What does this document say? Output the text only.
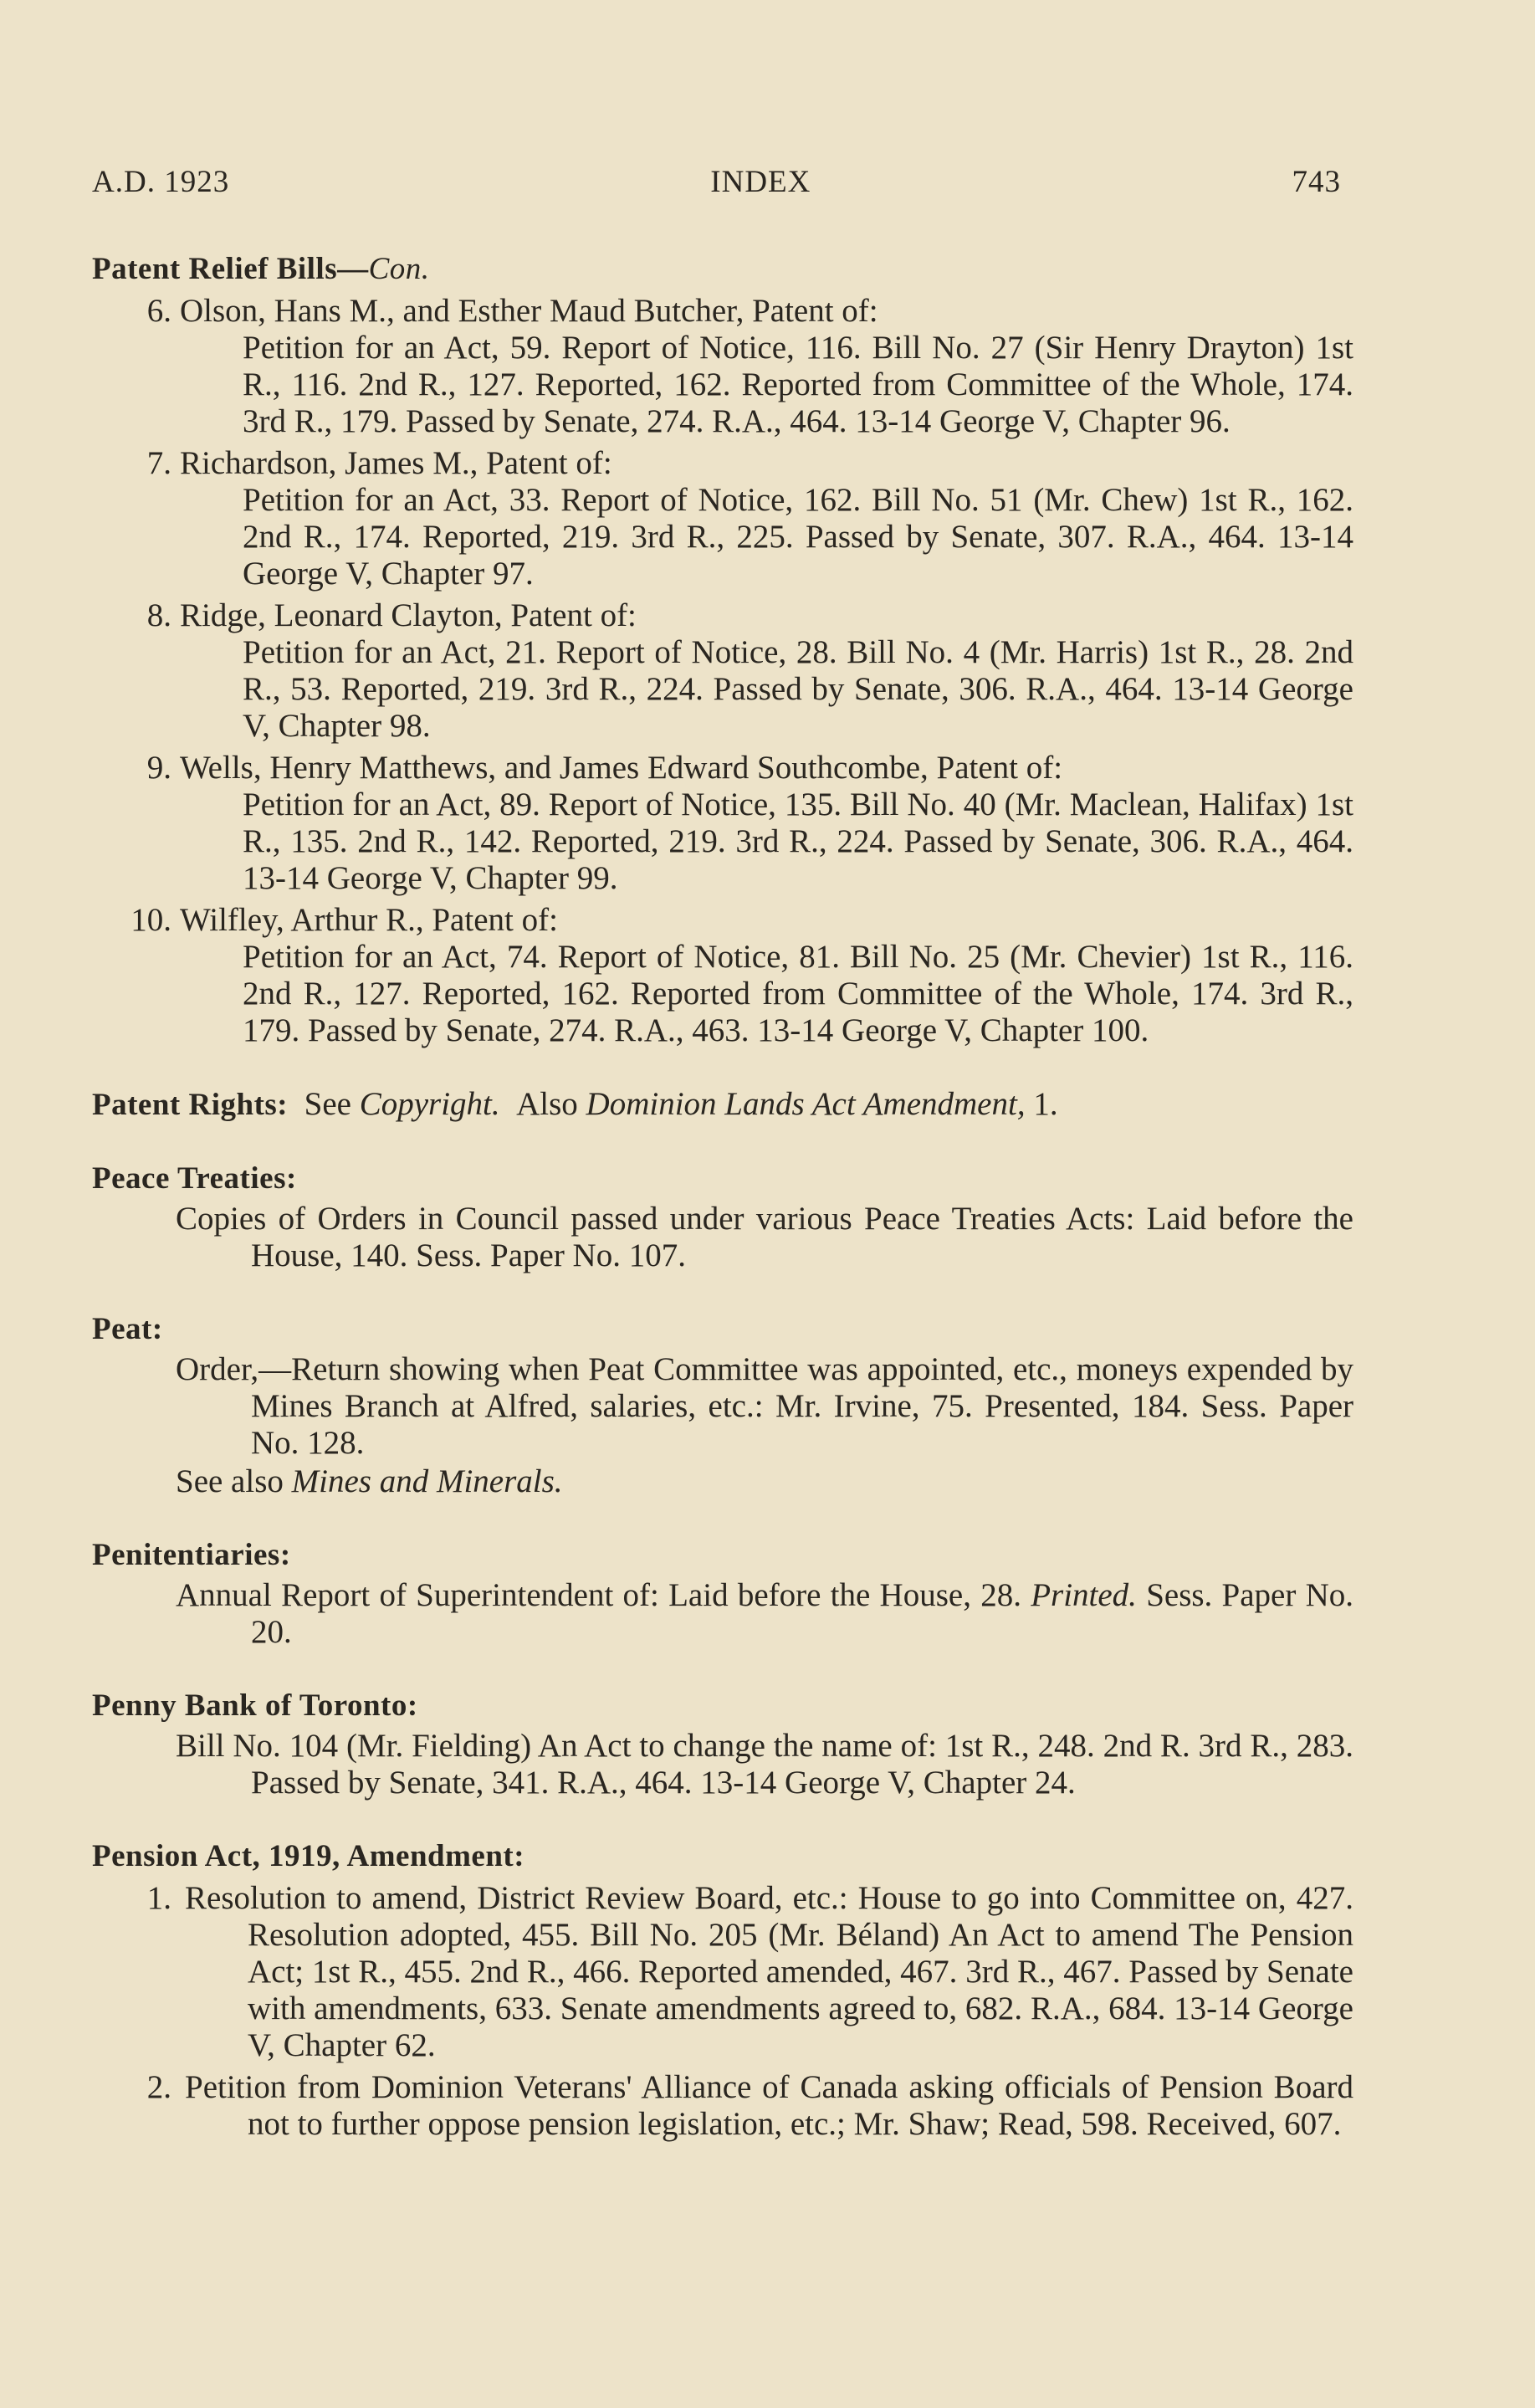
A.D. 1923	INDEX	743

Patent Relief Bills—Con.

6. Olson, Hans M., and Esther Maud Butcher, Patent of:
Petition for an Act, 59. Report of Notice, 116. Bill No. 27 (Sir Henry Drayton) 1st R., 116. 2nd R., 127. Reported, 162. Reported from Committee of the Whole, 174. 3rd R., 179. Passed by Senate, 274. R.A., 464. 13-14 George V, Chapter 96.

7. Richardson, James M., Patent of:
Petition for an Act, 33. Report of Notice, 162. Bill No. 51 (Mr. Chew) 1st R., 162. 2nd R., 174. Reported, 219. 3rd R., 225. Passed by Senate, 307. R.A., 464. 13-14 George V, Chapter 97.

8. Ridge, Leonard Clayton, Patent of:
Petition for an Act, 21. Report of Notice, 28. Bill No. 4 (Mr. Harris) 1st R., 28. 2nd R., 53. Reported, 219. 3rd R., 224. Passed by Senate, 306. R.A., 464. 13-14 George V, Chapter 98.

9. Wells, Henry Matthews, and James Edward Southcombe, Patent of:
Petition for an Act, 89. Report of Notice, 135. Bill No. 40 (Mr. Maclean, Halifax) 1st R., 135. 2nd R., 142. Reported, 219. 3rd R., 224. Passed by Senate, 306. R.A., 464. 13-14 George V, Chapter 99.

10. Wilfley, Arthur R., Patent of:
Petition for an Act, 74. Report of Notice, 81. Bill No. 25 (Mr. Chevier) 1st R., 116. 2nd R., 127. Reported, 162. Reported from Committee of the Whole, 174. 3rd R., 179. Passed by Senate, 274. R.A., 463. 13-14 George V, Chapter 100.

Patent Rights: See Copyright. Also Dominion Lands Act Amendment, 1.

Peace Treaties:

Copies of Orders in Council passed under various Peace Treaties Acts: Laid before the House, 140. Sess. Paper No. 107.

Peat:

Order,—Return showing when Peat Committee was appointed, etc., moneys expended by Mines Branch at Alfred, salaries, etc.: Mr. Irvine, 75. Presented, 184. Sess. Paper No. 128.

See also Mines and Minerals.

Penitentiaries:

Annual Report of Superintendent of: Laid before the House, 28. Printed. Sess. Paper No. 20.

Penny Bank of Toronto:

Bill No. 104 (Mr. Fielding) An Act to change the name of: 1st R., 248. 2nd R. 3rd R., 283. Passed by Senate, 341. R.A., 464. 13-14 George V, Chapter 24.

Pension Act, 1919, Amendment:

1. Resolution to amend, District Review Board, etc.: House to go into Committee on, 427. Resolution adopted, 455. Bill No. 205 (Mr. Béland) An Act to amend The Pension Act; 1st R., 455. 2nd R., 466. Reported amended, 467. 3rd R., 467. Passed by Senate with amendments, 633. Senate amendments agreed to, 682. R.A., 684. 13-14 George V, Chapter 62.

2. Petition from Dominion Veterans' Alliance of Canada asking officials of Pension Board not to further oppose pension legislation, etc.; Mr. Shaw; Read, 598. Received, 607.
